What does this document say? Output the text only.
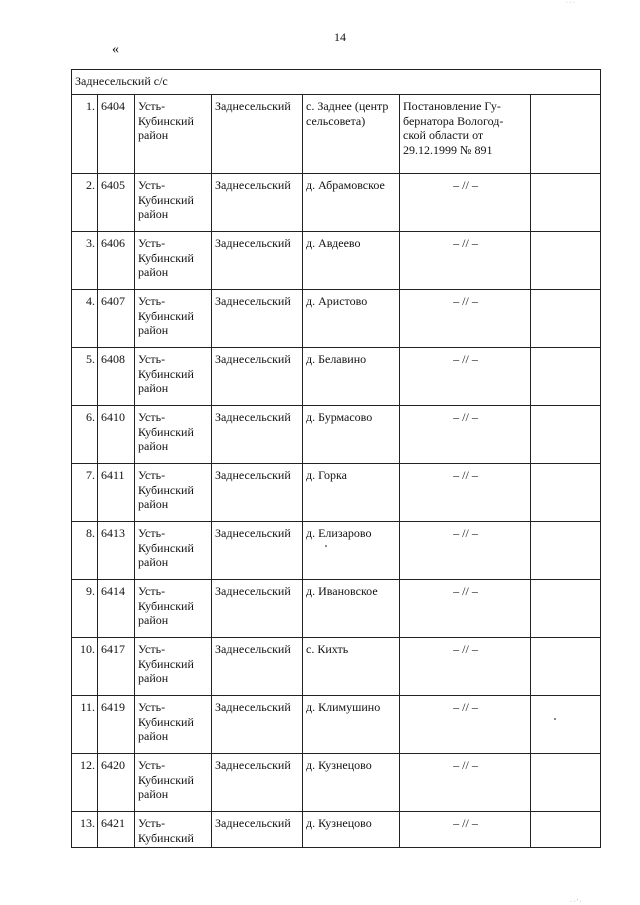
14
«
· · ·
· · ' ·
Заднесельский с/с						
1.	6404	Усть-
Кубинский
район	Заднесельский	с. Заднее (центр сельсовета)	Постановление Гу-
бернатора Вологод-
ской области от
29.12.1999 № 891	
2.	6405	Усть-
Кубинский
район	Заднесельский	д. Абрамовское	– // –	
3.	6406	Усть-
Кубинский
район	Заднесельский	д. Авдеево	– // –	
4.	6407	Усть-
Кубинский
район	Заднесельский	д. Аристово	– // –	
5.	6408	Усть-
Кубинский
район	Заднесельский	д. Белавино	– // –	
6.	6410	Усть-
Кубинский
район	Заднесельский	д. Бурмасово	– // –	
7.	6411	Усть-
Кубинский
район	Заднесельский	д. Горка	– // –	
8.	6413	Усть-
Кубинский
район	Заднесельский	д. Елизарово	– // –	
9.	6414	Усть-
Кубинский
район	Заднесельский	д. Ивановское	– // –	
10.	6417	Усть-
Кубинский
район	Заднесельский	с. Кихть	– // –	
11.	6419	Усть-
Кубинский
район	Заднесельский	д. Климушино	– // –	
12.	6420	Усть-
Кубинский
район	Заднесельский	д. Кузнецово	– // –	
13.	6421	Усть-
Кубинский	Заднесельский	д. Кузнецово	– // –	
